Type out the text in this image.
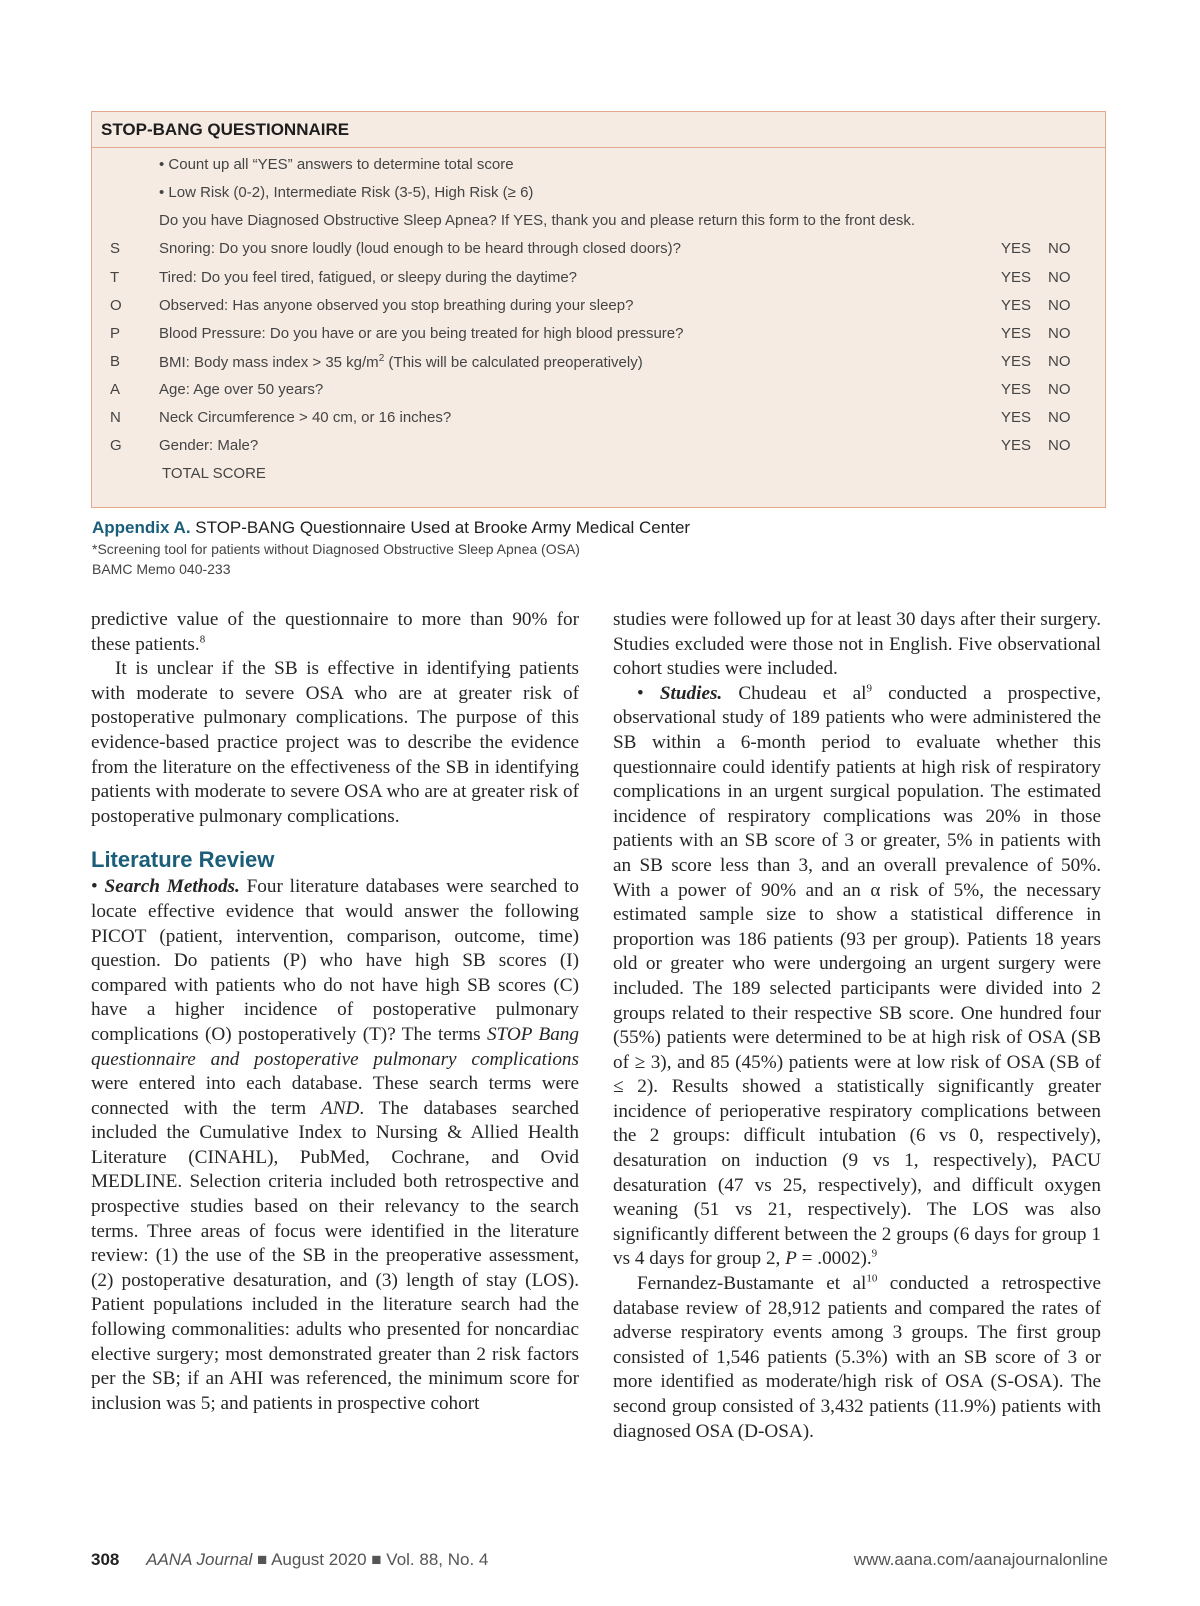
STOP-BANG QUESTIONNAIRE
• Count up all “YES” answers to determine total score
• Low Risk (0-2), Intermediate Risk (3-5), High Risk (≥ 6)
Do you have Diagnosed Obstructive Sleep Apnea? If YES, thank you and please return this form to the front desk.
S	Snoring: Do you snore loudly (loud enough to be heard through closed doors)?	YES NO
T	Tired: Do you feel tired, fatigued, or sleepy during the daytime?	YES NO
O Observed: Has anyone observed you stop breathing during your sleep?	YES NO
P	Blood Pressure: Do you have or are you being treated for high blood pressure?	YES NO
B	BMI: Body mass index > 35 $kg/m^2$ (This will be calculated preoperatively)	YES NO
A	Age: Age over 50 years?	YES NO
N	Neck Circumference > 40 cm, or 16 inches?	YES NO
G Gender: Male?	YES NO
TOTAL SCORE
Appendix A. STOP-BANG Questionnaire Used at Brooke Army Medical Center
*Screening tool for patients without Diagnosed Obstructive Sleep Apnea (OSA)
BAMC Memo 040-233

predictive value of the questionnaire to more than 90% for these patients.$^8$

It is unclear if the SB is effective in identifying patients with moderate to severe OSA who are at greater risk of postoperative pulmonary complications. The purpose of this evidence-based practice project was to describe the evidence from the literature on the effectiveness of the SB in identifying patients with moderate to severe OSA who are at greater risk of postoperative pulmonary complications.

Literature Review

• Search Methods. Four literature databases were searched to locate effective evidence that would answer the following PICOT (patient, intervention, comparison, outcome, time) question. Do patients (P) who have high SB scores (I) compared with patients who do not have high SB scores (C) have a higher incidence of postoperative pulmonary complications (O) postoperatively (T)? The terms STOP Bang questionnaire and postoperative pulmonary complications were entered into each database. These search terms were connected with the term AND. The databases searched included the Cumulative Index to Nursing & Allied Health Literature (CINAHL), PubMed, Cochrane, and Ovid MEDLINE. Selection criteria included both retrospective and prospective studies based on their relevancy to the search terms. Three areas of focus were identified in the literature review: (1) the use of the SB in the preoperative assessment, (2) postoperative desaturation, and (3) length of stay (LOS). Patient populations included in the literature search had the following commonalities: adults who presented for noncardiac elective surgery; most demonstrated greater than 2 risk factors per the SB; if an AHI was referenced, the minimum score for inclusion was 5; and patients in prospective cohort

studies were followed up for at least 30 days after their surgery. Studies excluded were those not in English. Five observational cohort studies were included.

• Studies. Chudeau et $al^9$ conducted a prospective, observational study of 189 patients who were administered the SB within a 6-month period to evaluate whether this questionnaire could identify patients at high risk of respiratory complications in an urgent surgical population. The estimated incidence of respiratory complications was 20% in those patients with an SB score of 3 or greater, 5% in patients with an SB score less than 3, and an overall prevalence of 50%. With a power of 90% and an α risk of 5%, the necessary estimated sample size to show a statistical difference in proportion was 186 patients (93 per group). Patients 18 years old or greater who were undergoing an urgent surgery were included. The 189 selected participants were divided into 2 groups related to their respective SB score. One hundred four (55%) patients were determined to be at high risk of OSA (SB of ≥ 3), and 85 (45%) patients were at low risk of OSA (SB of ≤ 2). Results showed a statistically significantly greater incidence of perioperative respiratory complications between the 2 groups: difficult intubation (6 vs 0, respectively), desaturation on induction (9 vs 1, respectively), PACU desaturation (47 vs 25, respectively), and difficult oxygen weaning (51 vs 21, respectively). The LOS was also significantly different between the 2 groups (6 days for group 1 vs 4 days for group 2, P = .0002).$^9$

Fernandez-Bustamante et $al^{10}$ conducted a retrospective database review of 28,912 patients and compared the rates of adverse respiratory events among 3 groups. The first group consisted of 1,546 patients (5.3%) with an SB score of 3 or more identified as moderate/high risk of OSA (S-OSA). The second group consisted of 3,432 patients (11.9%) patients with diagnosed OSA (D-OSA).

308 AANA Journal ■ August 2020 ■ Vol. 88, No. 4	www.aana.com/aanajournalonline
